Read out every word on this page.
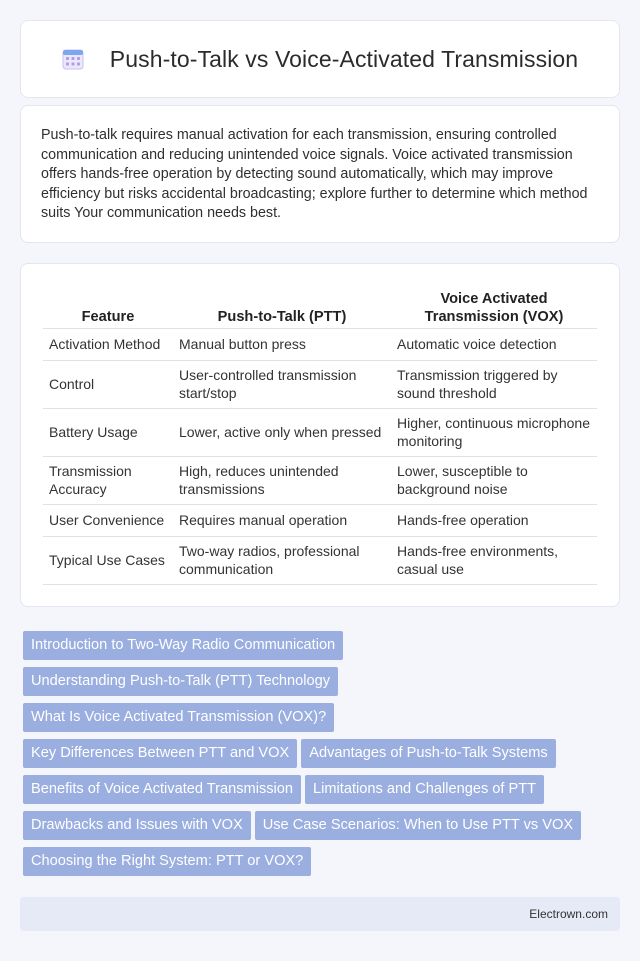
Push-to-Talk vs Voice-Activated Transmission

Push-to-talk requires manual activation for each transmission, ensuring controlled communication and reducing unintended voice signals. Voice activated transmission offers hands-free operation by detecting sound automatically, which may improve efficiency but risks accidental broadcasting; explore further to determine which method suits Your communication needs best.

Feature	Push-to-Talk (PTT)	Voice Activated Transmission (VOX)
Activation Method	Manual button press	Automatic voice detection
Control	User-controlled transmission start/stop	Transmission triggered by sound threshold
Battery Usage	Lower, active only when pressed	Higher, continuous microphone monitoring
Transmission Accuracy	High, reduces unintended transmissions	Lower, susceptible to background noise
User Convenience	Requires manual operation	Hands-free operation
Typical Use Cases	Two-way radios, professional communication	Hands-free environments, casual use
Introduction to Two-Way Radio Communication
Understanding Push-to-Talk (PTT) Technology
What Is Voice Activated Transmission (VOX)?
Key Differences Between PTT and VOX Advantages of Push-to-Talk Systems
Benefits of Voice Activated Transmission Limitations and Challenges of PTT
Drawbacks and Issues with VOX Use Case Scenarios: When to Use PTT vs VOX
Choosing the Right System: PTT or VOX?
Electrown.com
